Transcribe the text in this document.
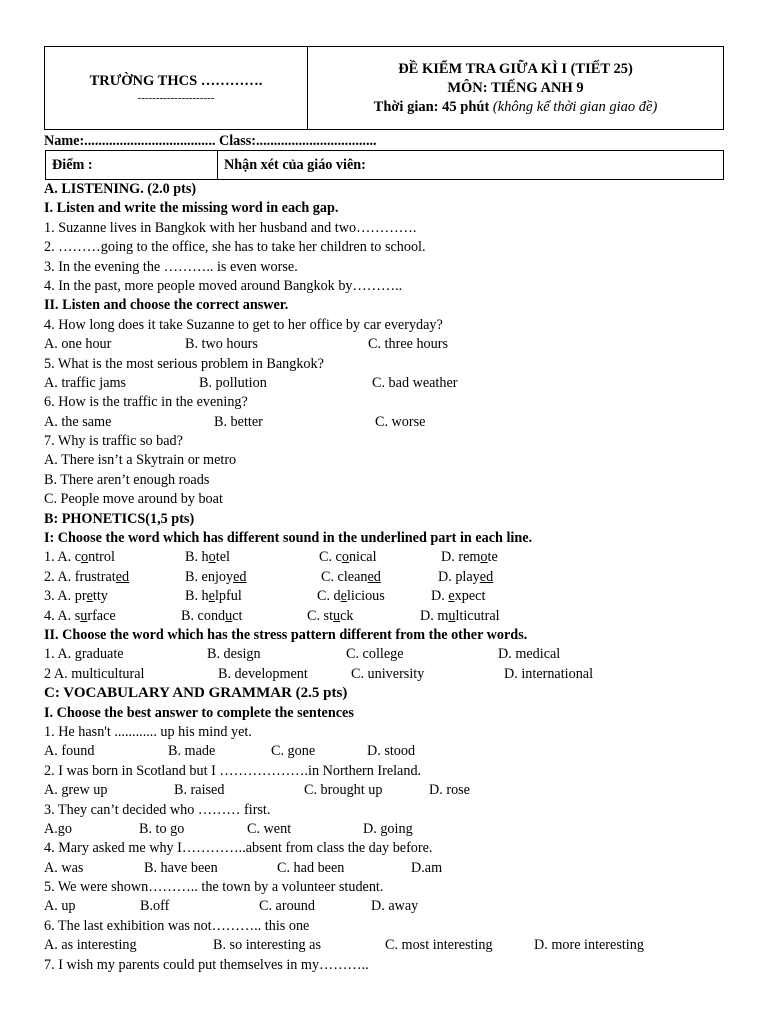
TRƯỜNG THCS ………….
---------------------
ĐỀ KIỂM TRA GIỮA KÌ I (TIẾT 25)
MÔN: TIẾNG ANH 9
Thời gian: 45 phút (không kể thời gian giao đề)
Name:..................................... Class:..................................
Điểm :	Nhận xét của giáo viên:
A. LISTENING. (2.0 pts)
I. Listen and write the missing word in each gap.
1. Suzanne lives in Bangkok with her husband and two………….
2. ………going to the office, she has to take her children to school.
3. In the evening the ……….. is even worse.
4. In the past, more people moved around Bangkok by………..
II. Listen and choose the correct answer.
4. How long does it take Suzanne to get to her office by car everyday?
A. one hour	B. two hours	C. three hours
5. What is the most serious problem in Bangkok?
A. traffic jams	B. pollution	C. bad weather
6. How is the traffic in the evening?
A. the same	B. better	C. worse
7. Why is traffic so bad?
A. There isn’t a Skytrain or metro
B. There aren’t enough roads
C. People move around by boat
B: PHONETICS(1,5 pts)
I: Choose the word which has different sound in the underlined part in each line.
1. A. control	B. hotel	C. conical	D. remote
2. A. frustrated	B. enjoyed	C. cleaned	D. played
3. A. pretty	B. helpful	C. delicious	D. expect
4. A. surface	B. conduct	C. stuck	D. multicutral
II. Choose the word which has the stress pattern different from the other words.
1. A. graduate	B. design	C. college	D. medical
2 A. multicultural	B. development	C. university	D. international
C: VOCABULARY AND GRAMMAR (2.5 pts)
I. Choose the best answer to complete the sentences
1. He hasn't ............ up his mind yet.
A. found	B. made	C. gone	D. stood
2. I was born in Scotland but I ……………….in Northern Ireland.
A. grew up	B. raised	C. brought up	D. rose
3. They can’t decided who ……… first.
A.go	B. to go	C. went	D. going
4. Mary asked me why I…………..absent from class the day before.
A. was	B. have been	C. had been	D.am
5. We were shown……….. the town by a volunteer student.
A. up	B.off	C. around	D. away
6. The last exhibition was not……….. this one
A. as interesting	B. so interesting as	C. most interesting	D. more interesting
7. I wish my parents could put themselves in my………..
